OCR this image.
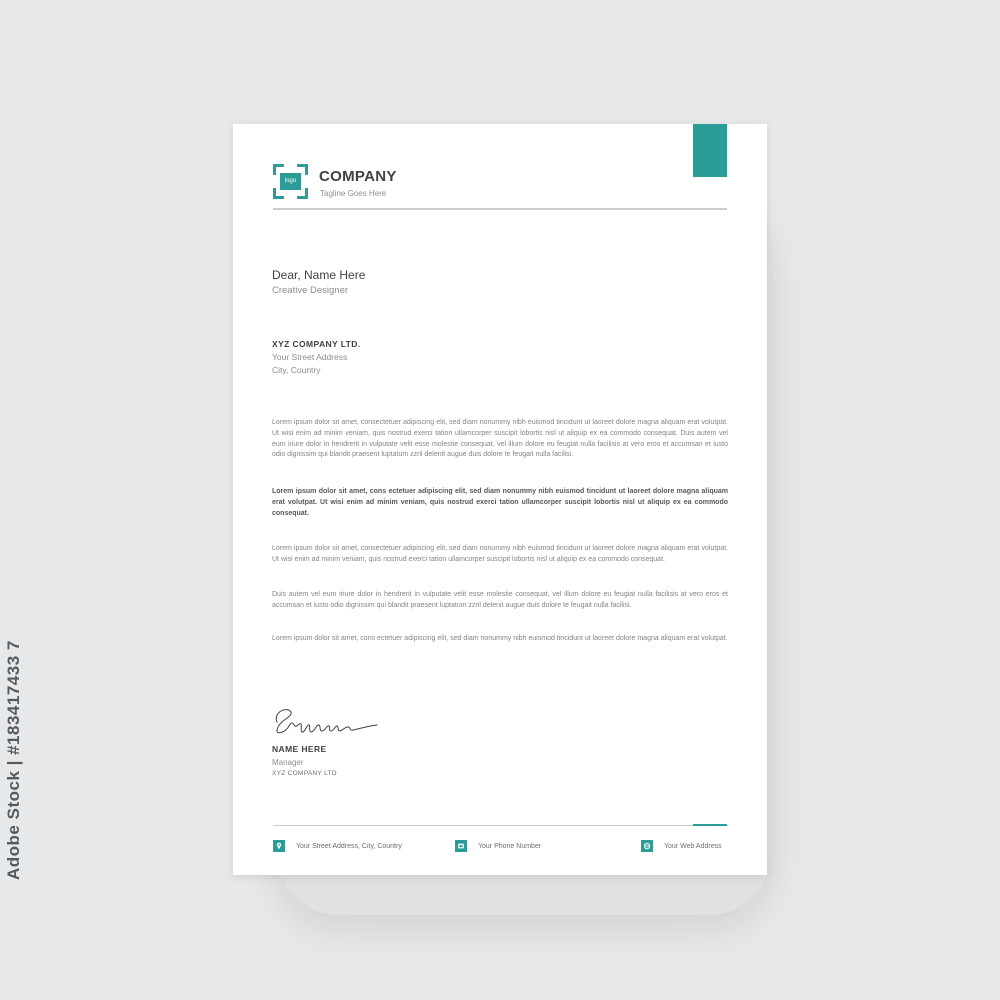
logo	COMPANY
Tagline Goes Here
Dear, Name Here
Creative Designer
XYZ COMPANY LTD.
Your Street Address
City, Country

Lorem ipsum dolor sit amet, consectetuer adipiscing elit, sed diam nonummy nibh euismod tincidunt ut laoreet dolore magna aliquam erat volutpat. Ut wisi enim ad minim veniam, quis nostrud exerci tation ullamcorper suscipit lobortis nisl ut aliquip ex ea commodo consequat. Duis autem vel eum iriure dolor in hendrerit in vulputate velit esse molestie consequat, vel illum dolore eu feugiat nulla facilisis at vero eros et accumsan et iusto odio dignissim qui blandit praesent luptatum zzril delenit augue duis dolore te feugait nulla facilisi.

Lorem ipsum dolor sit amet, cons ectetuer adipiscing elit, sed diam nonummy nibh euismod tincidunt ut laoreet dolore magna aliquam erat volutpat. Ut wisi enim ad minim veniam, quis nostrud exerci tation ullamcorper suscipit lobortis nisl ut aliquip ex ea commodo consequat.

Lorem ipsum dolor sit amet, consectetuer adipiscing elit, sed diam nonummy nibh euismod tincidunt ut laoreet dolore magna aliquam erat volutpat. Ut wisi enim ad minim veniam, quis nostrud exerci tation ullamcorper suscipit lobortis nisl ut aliquip ex ea commodo consequat.

Duis autem vel eum iriure dolor in hendrerit in vulputate velit esse molestie consequat, vel illum dolore eu feugiat nulla facilisis at vero eros et accumsan et iusto odio dignissim qui blandit praesent luptatum zzril delenit augue duis dolore te feugait nulla facilisi.

Lorem ipsum dolor sit amet, cons ectetuer adipiscing elit, sed diam nonummy nibh euismod tincidunt ut laoreet dolore magna aliquam erat volutpat.

NAME HERE
Manager
XYZ COMPANY LTD
Your Street Address, City, Country	Your Phone Number	Your Web Address
Adobe Stock | #183417433 7
